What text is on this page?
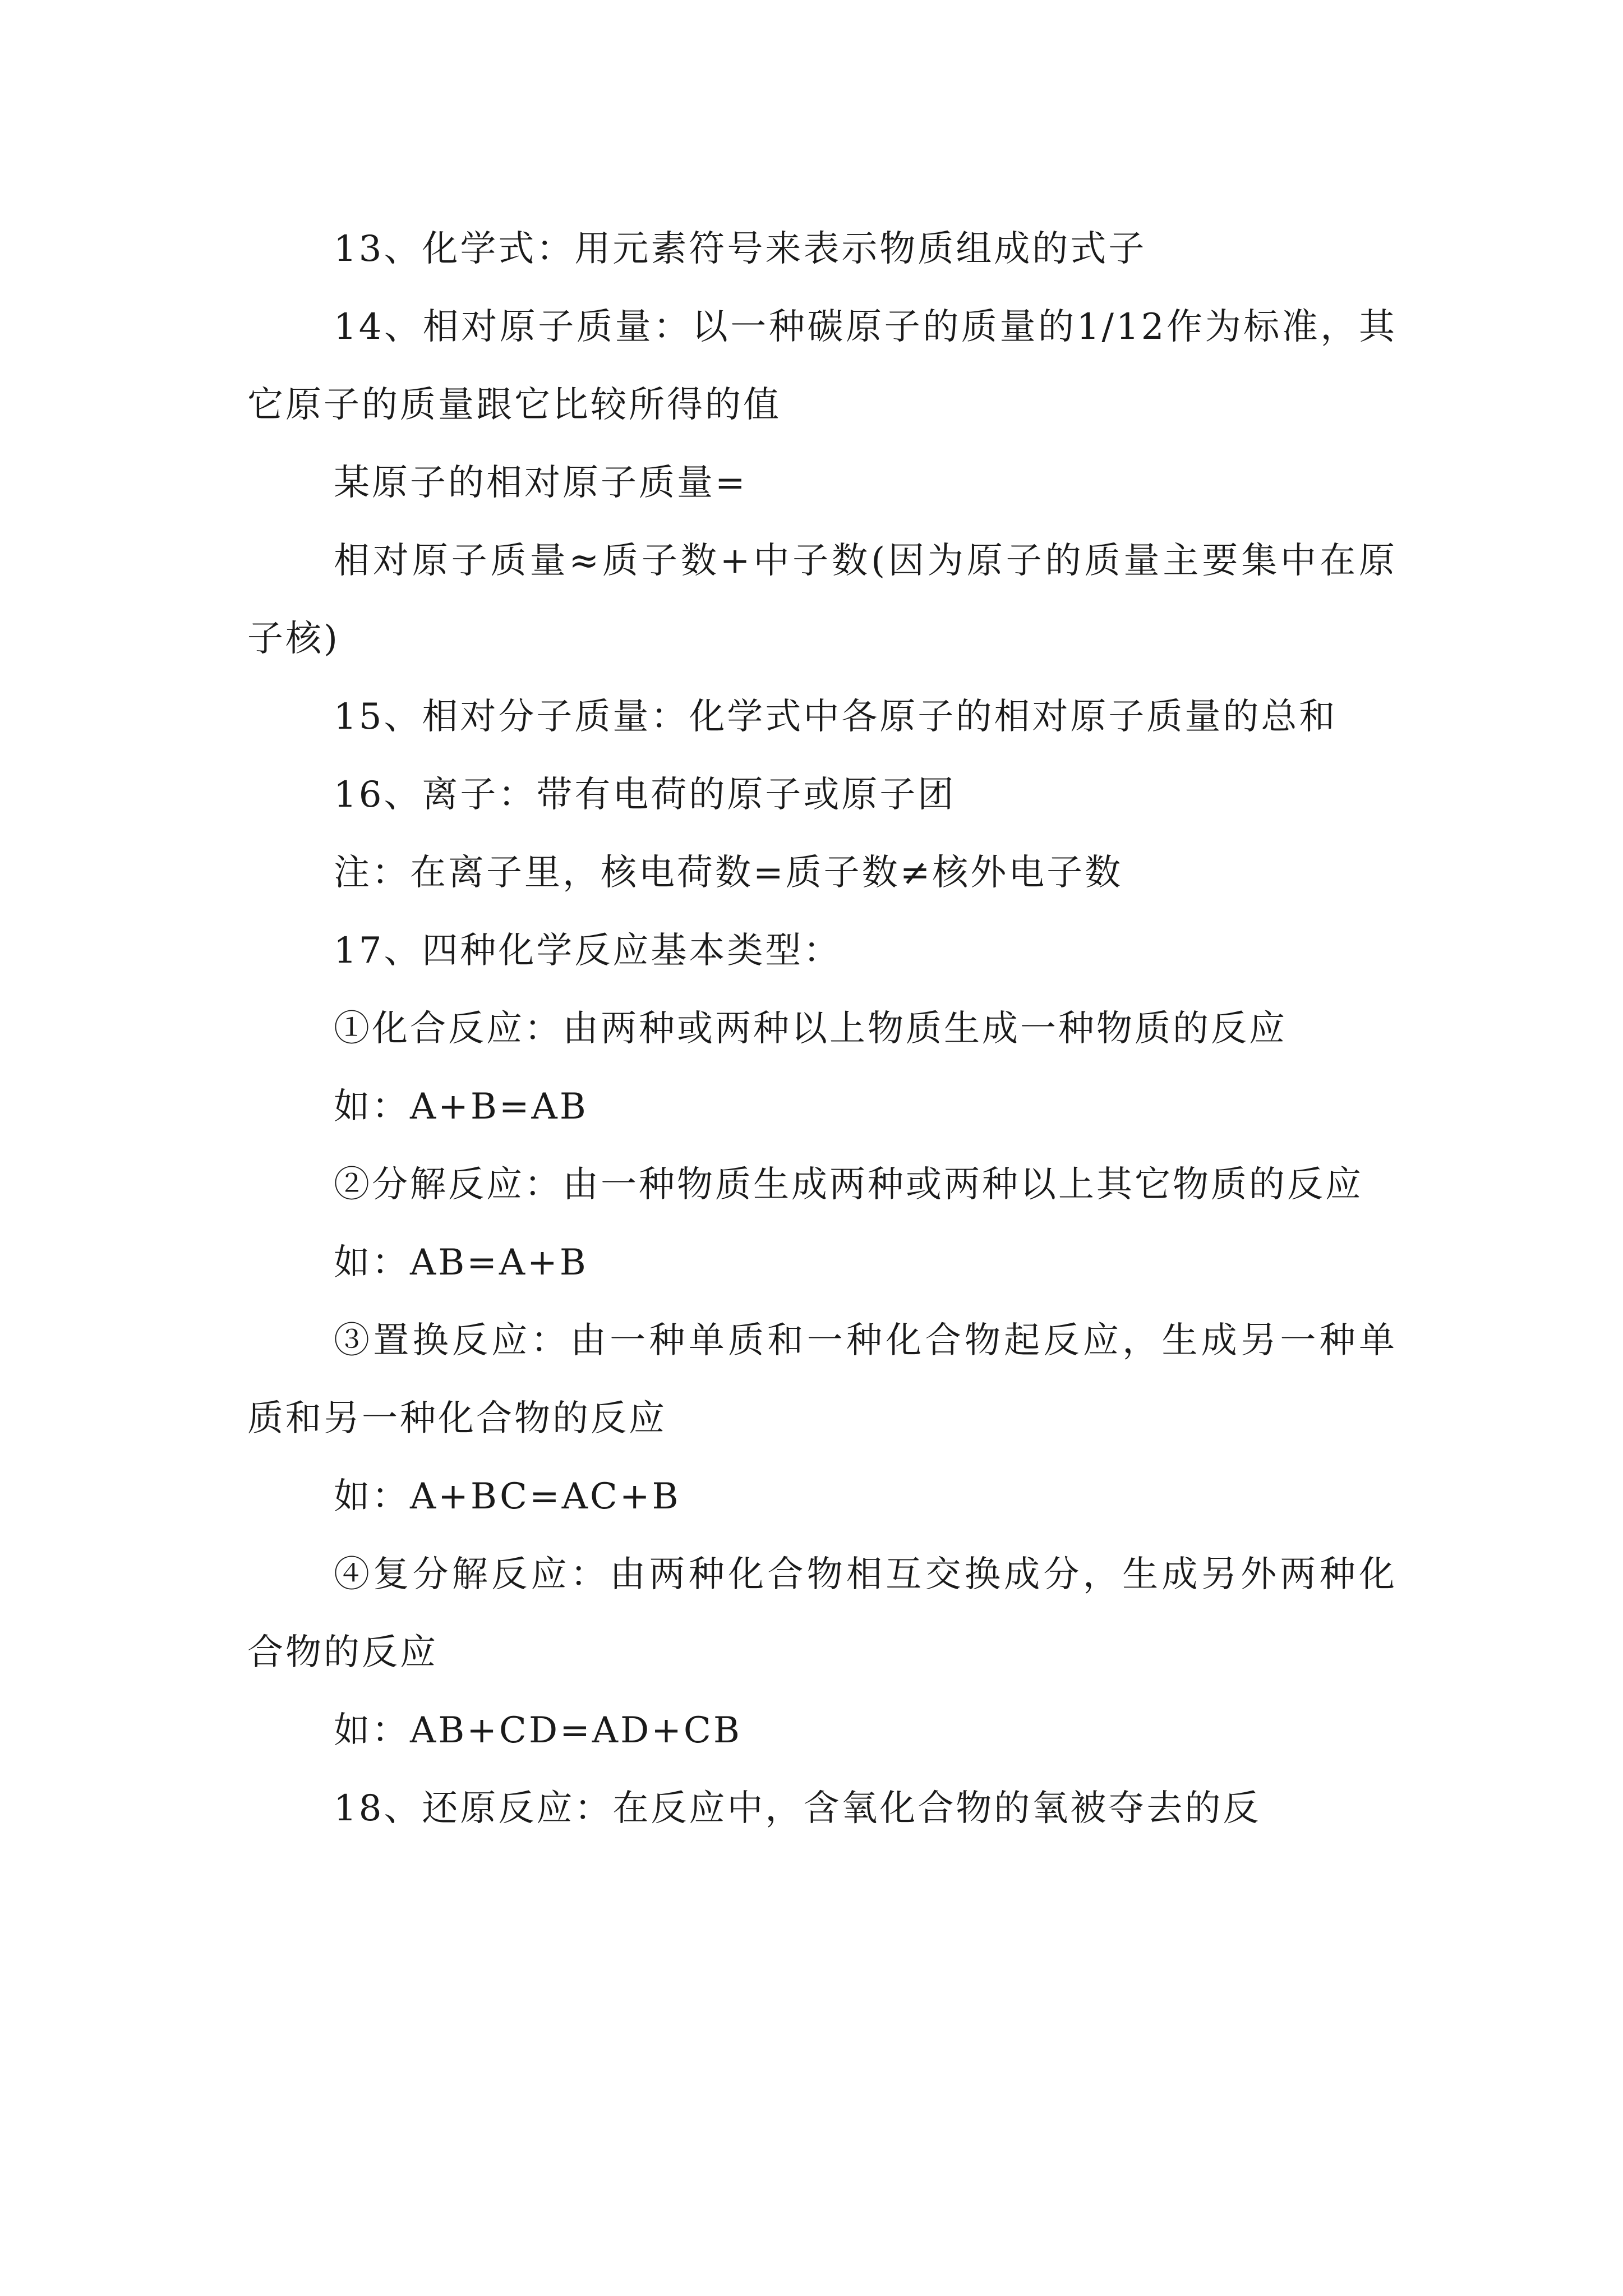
13、化学式：用元素符号来表示物质组成的式子

14、相对原子质量：以一种碳原子的质量的1/12作为标准，其它原子的质量跟它比较所得的值

某原子的相对原子质量=

相对原子质量≈质子数+中子数(因为原子的质量主要集中在原子核)

15、相对分子质量：化学式中各原子的相对原子质量的总和

16、离子：带有电荷的原子或原子团

注：在离子里，核电荷数=质子数≠核外电子数

17、四种化学反应基本类型：

①化合反应：由两种或两种以上物质生成一种物质的反应

如：A+B=AB

②分解反应：由一种物质生成两种或两种以上其它物质的反应

如：AB=A+B

③置换反应：由一种单质和一种化合物起反应，生成另一种单质和另一种化合物的反应

如：A+BC=AC+B

④复分解反应：由两种化合物相互交换成分，生成另外两种化合物的反应

如：AB+CD=AD+CB

18、还原反应：在反应中，含氧化合物的氧被夺去的反
